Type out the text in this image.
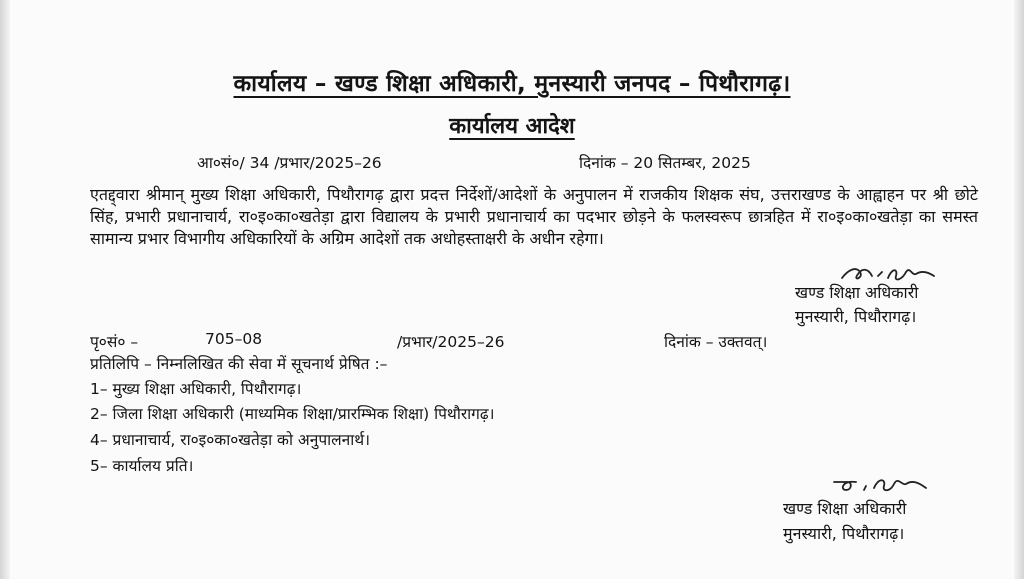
कार्यालय – खण्ड शिक्षा अधिकारी, मुनस्यारी जनपद – पिथौरागढ़।
कार्यालय आदेश
आ०सं०/ 34 /प्रभार/2025–26	दिनांक – 20 सितम्बर, 2025
एतद्द्वारा श्रीमान् मुख्य शिक्षा अधिकारी, पिथौरागढ़ द्वारा प्रदत्त निर्देशों/आदेशों के अनुपालन में राजकीय शिक्षक संघ, उत्तराखण्ड के आह्वाहन पर श्री छोटे सिंह, प्रभारी प्रधानाचार्य, रा०इ०का०खतेड़ा द्वारा विद्यालय के प्रभारी प्रधानाचार्य का पदभार छोड़ने के फलस्वरूप छात्रहित में रा०इ०का०खतेड़ा का समस्त सामान्य प्रभार विभागीय अधिकारियों के अग्रिम आदेशों तक अधोहस्ताक्षरी के अधीन रहेगा।
खण्ड शिक्षा अधिकारी
मुनस्यारी, पिथौरागढ़।
पृ०सं० –	705–08	/प्रभार/2025–26	दिनांक – उक्तवत्।
प्रतिलिपि – निम्नलिखित की सेवा में सूचनार्थ प्रेषित :–
1– मुख्य शिक्षा अधिकारी, पिथौरागढ़।
2– जिला शिक्षा अधिकारी (माध्यमिक शिक्षा/प्रारम्भिक शिक्षा) पिथौरागढ़।
4– प्रधानाचार्य, रा०इ०का०खतेड़ा को अनुपालनार्थ।
5– कार्यालय प्रति।
खण्ड शिक्षा अधिकारी
मुनस्यारी, पिथौरागढ़।
